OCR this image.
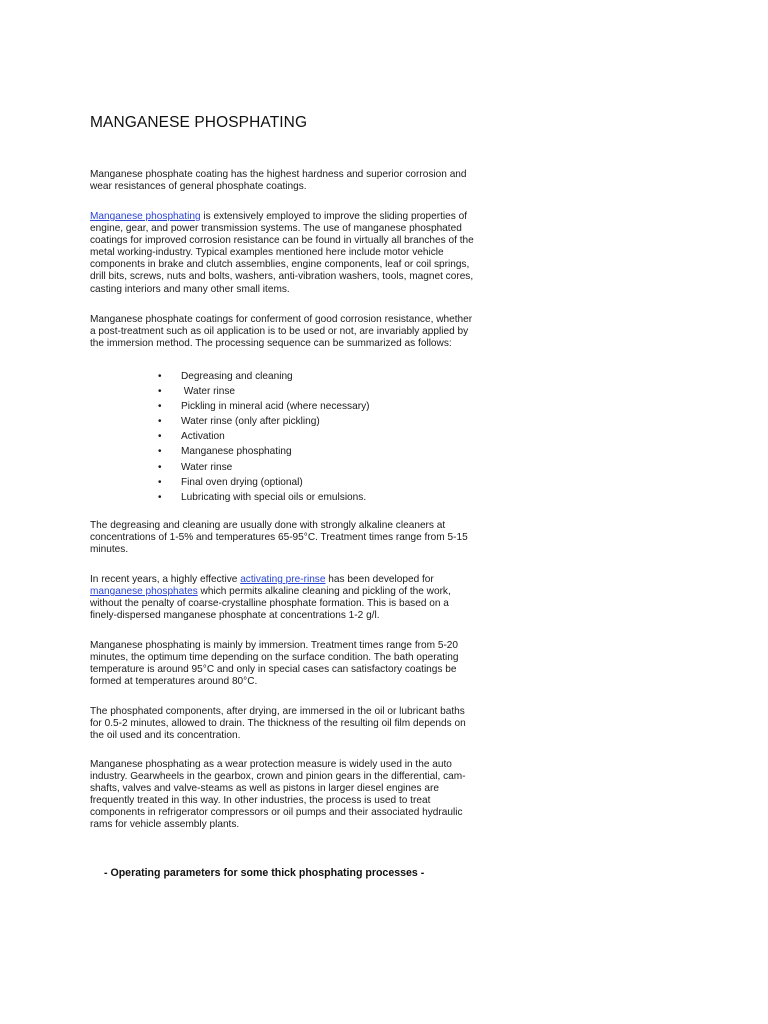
MANGANESE PHOSPHATING

Manganese phosphate coating has the highest hardness and superior corrosion and wear resistances of general phosphate coatings.

Manganese phosphating is extensively employed to improve the sliding properties of engine, gear, and power transmission systems. The use of manganese phosphated coatings for improved corrosion resistance can be found in virtually all branches of the metal working-industry. Typical examples mentioned here include motor vehicle components in brake and clutch assemblies, engine components, leaf or coil springs, drill bits, screws, nuts and bolts, washers, anti-vibration washers, tools, magnet cores, casting interiors and many other small items.

Manganese phosphate coatings for conferment of good corrosion resistance, whether a post-treatment such as oil application is to be used or not, are invariably applied by the immersion method. The processing sequence can be summarized as follows:

• Degreasing and cleaning
• Water rinse
• Pickling in mineral acid (where necessary)
• Water rinse (only after pickling)
• Activation
• Manganese phosphating
• Water rinse
• Final oven drying (optional)
• Lubricating with special oils or emulsions.

The degreasing and cleaning are usually done with strongly alkaline cleaners at concentrations of 1-5% and temperatures 65-95°C. Treatment times range from 5-15 minutes.

In recent years, a highly effective activating pre-rinse has been developed for manganese phosphates which permits alkaline cleaning and pickling of the work, without the penalty of coarse-crystalline phosphate formation. This is based on a finely-dispersed manganese phosphate at concentrations 1-2 g/l.

Manganese phosphating is mainly by immersion. Treatment times range from 5-20 minutes, the optimum time depending on the surface condition. The bath operating temperature is around 95°C and only in special cases can satisfactory coatings be formed at temperatures around 80°C.

The phosphated components, after drying, are immersed in the oil or lubricant baths for 0.5-2 minutes, allowed to drain. The thickness of the resulting oil film depends on the oil used and its concentration.

Manganese phosphating as a wear protection measure is widely used in the auto industry. Gearwheels in the gearbox, crown and pinion gears in the differential, cam-shafts, valves and valve-steams as well as pistons in larger diesel engines are frequently treated in this way. In other industries, the process is used to treat components in refrigerator compressors or oil pumps and their associated hydraulic rams for vehicle assembly plants.

- Operating parameters for some thick phosphating processes -
